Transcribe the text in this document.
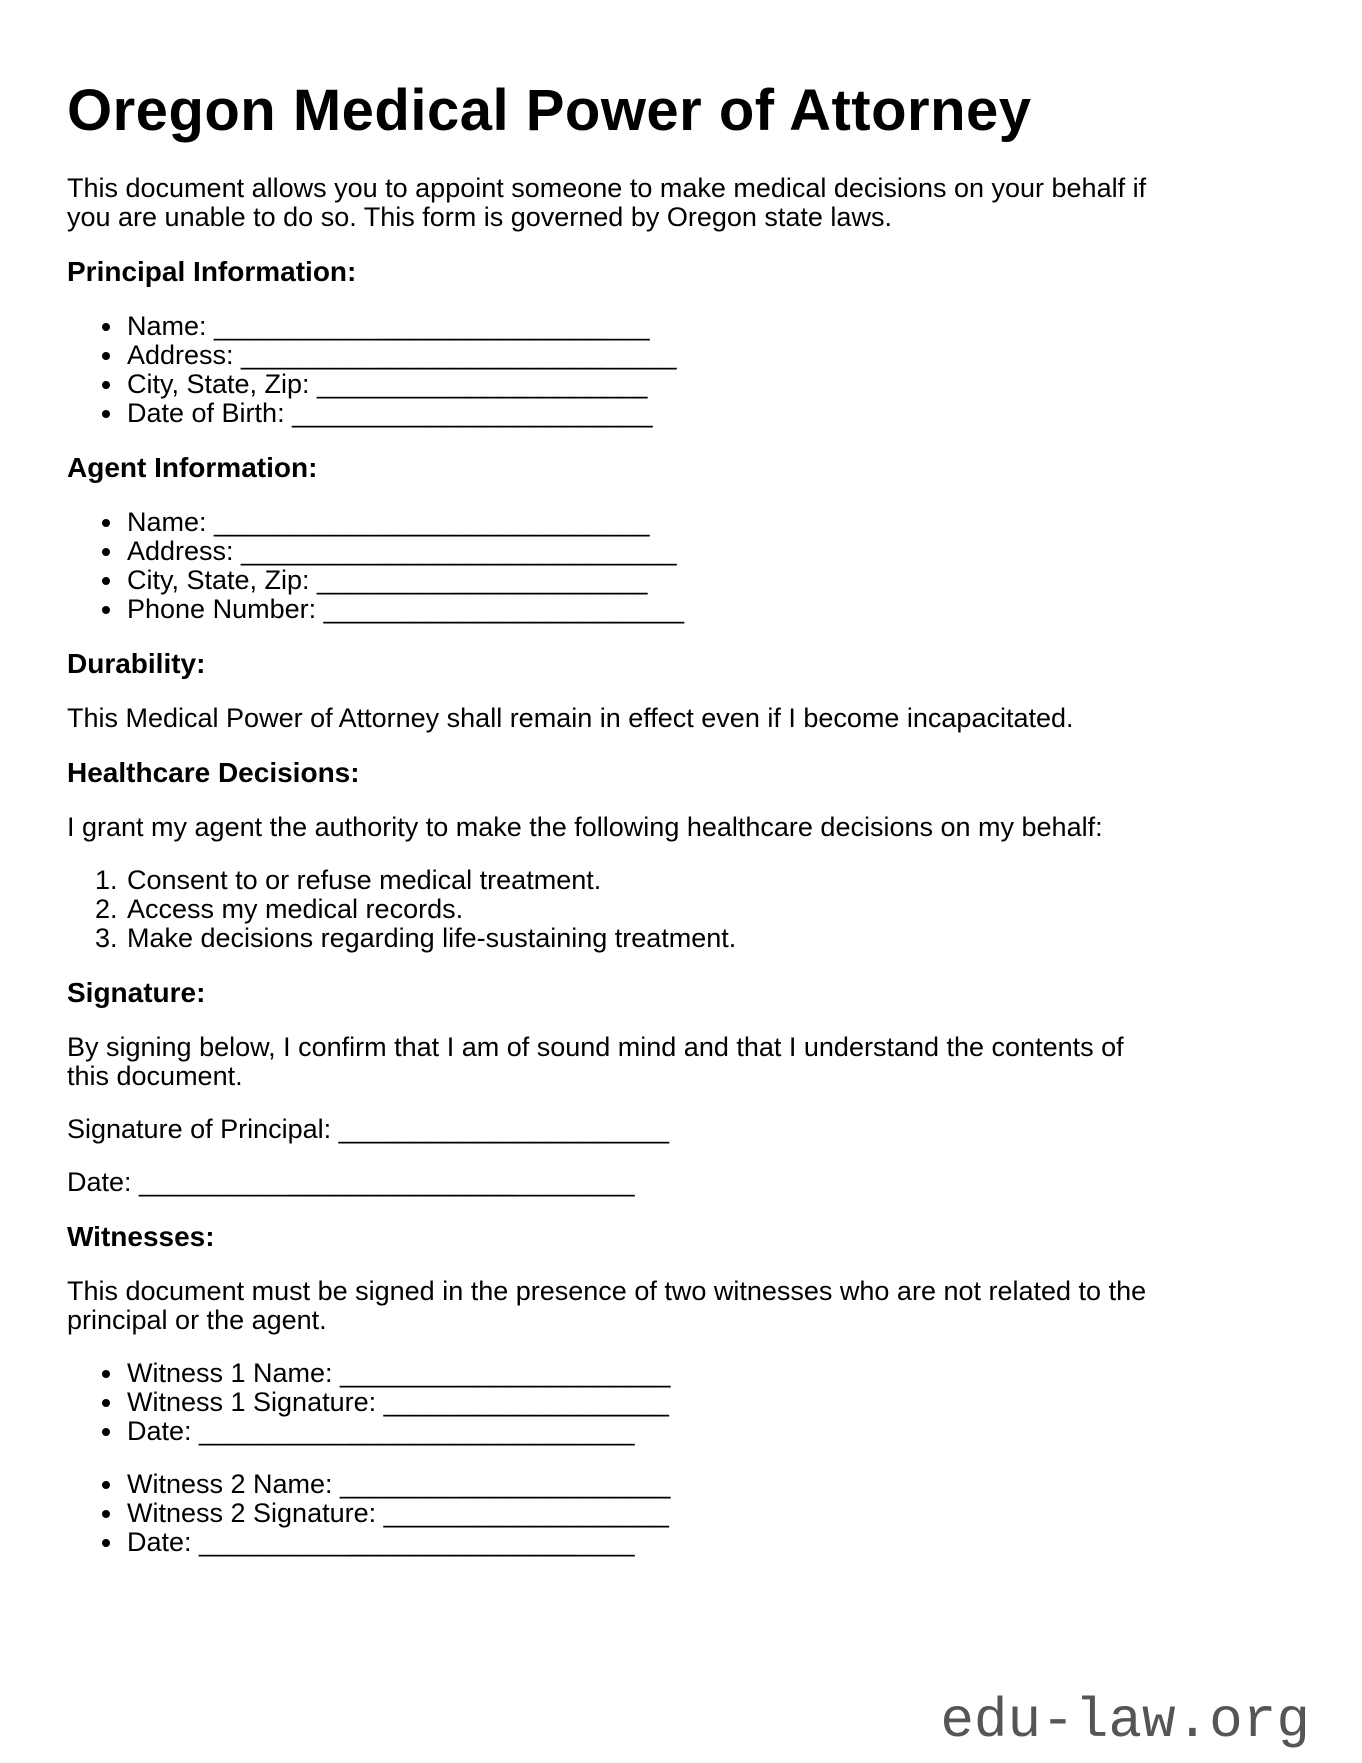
Oregon Medical Power of Attorney

This document allows you to appoint someone to make medical decisions on your behalf if you are unable to do so. This form is governed by Oregon state laws.

Principal Information:
• Name: _____________________________
• Address: _____________________________
• City, State, Zip: ______________________
• Date of Birth: ________________________
Agent Information:
• Name: _____________________________
• Address: _____________________________
• City, State, Zip: ______________________
• Phone Number: ________________________
Durability:

This Medical Power of Attorney shall remain in effect even if I become incapacitated.

Healthcare Decisions:

I grant my agent the authority to make the following healthcare decisions on my behalf:

1. Consent to or refuse medical treatment.
2. Access my medical records.
3. Make decisions regarding life-sustaining treatment.
Signature:

By signing below, I confirm that I am of sound mind and that I understand the contents of this document.

Signature of Principal: ______________________

Date: _________________________________

Witnesses:

This document must be signed in the presence of two witnesses who are not related to the principal or the agent.

• Witness 1 Name: ______________________
• Witness 1 Signature: ___________________
• Date: _____________________________
• Witness 2 Name: ______________________
• Witness 2 Signature: ___________________
• Date: _____________________________
edu-law.org
